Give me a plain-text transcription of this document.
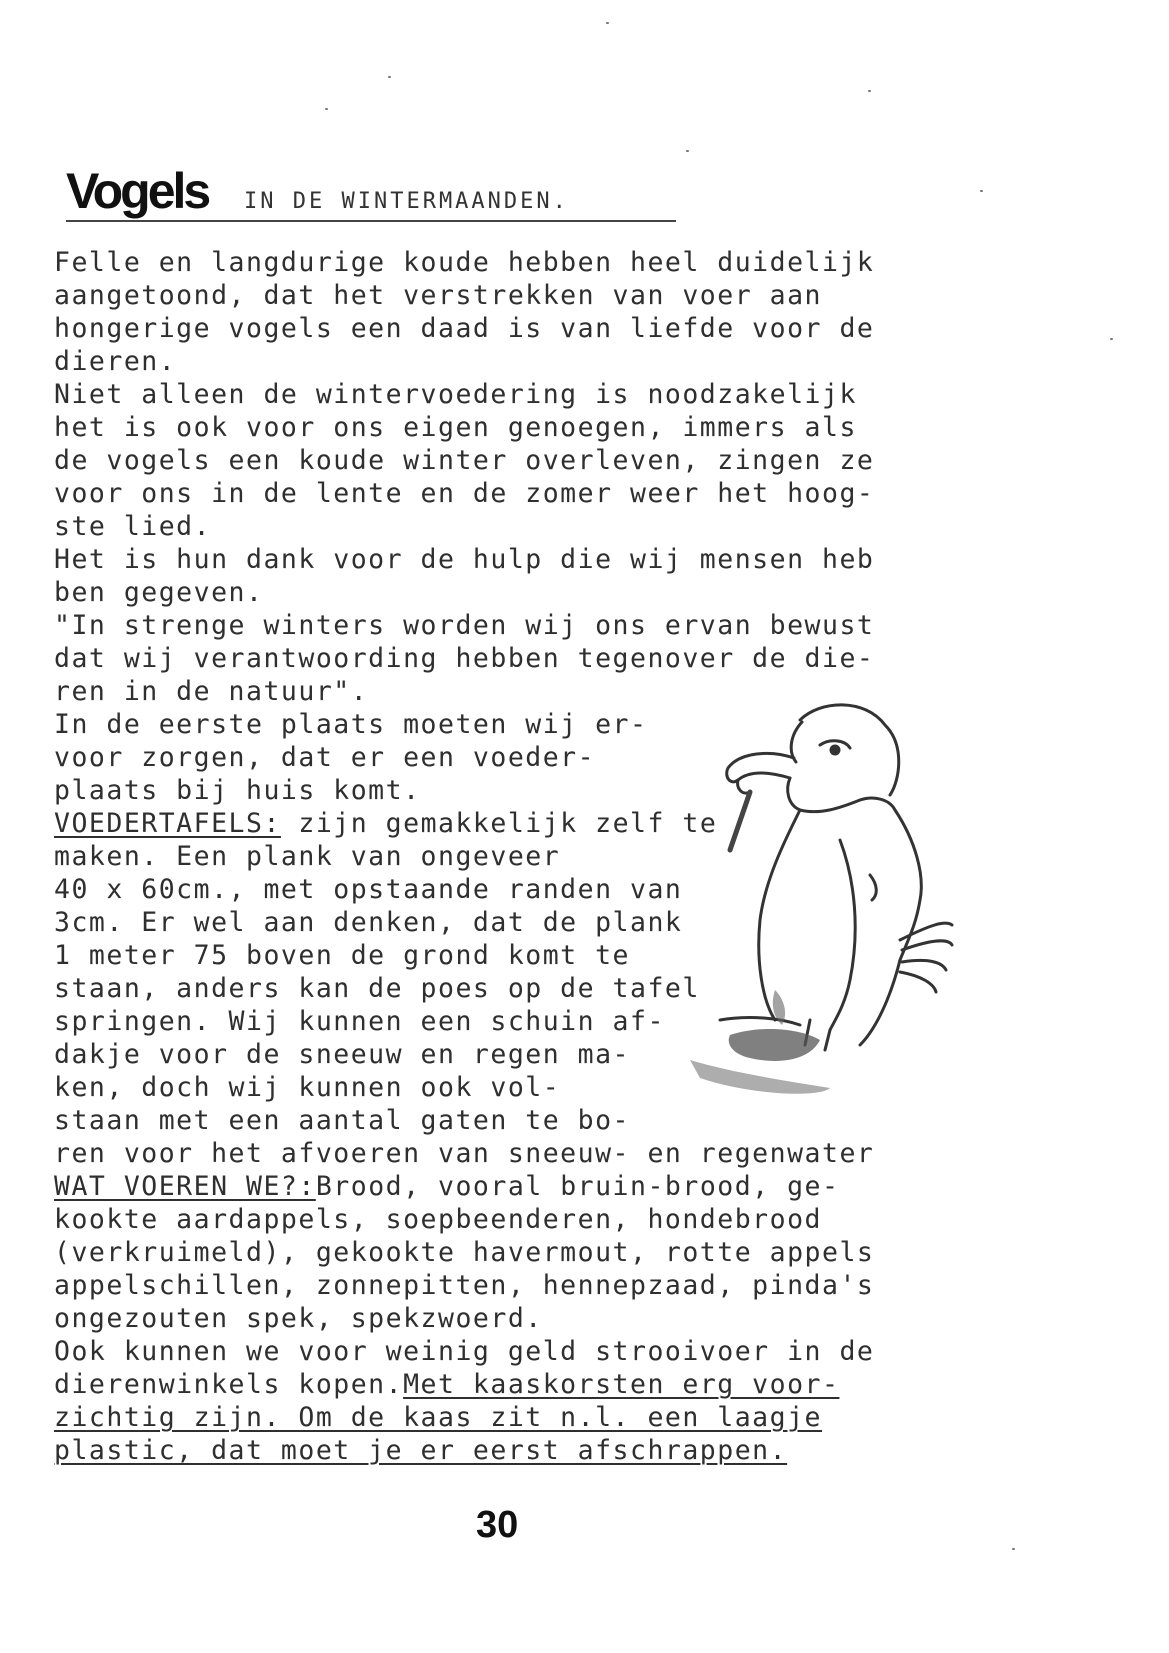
Vogels IN DE WINTERMAANDEN.
Felle en langdurige koude hebben heel duidelijk
aangetoond, dat het verstrekken van voer aan
hongerige vogels een daad is van liefde voor de
dieren.
Niet alleen de wintervoedering is noodzakelijk
het is ook voor ons eigen genoegen, immers als
de vogels een koude winter overleven, zingen ze
voor ons in de lente en de zomer weer het hoog-
ste lied.
Het is hun dank voor de hulp die wij mensen heb
ben gegeven.
"In strenge winters worden wij ons ervan bewust
dat wij verantwoording hebben tegenover de die-
ren in de natuur".
In de eerste plaats moeten wij er-
voor zorgen, dat er een voeder-
plaats bij huis komt.
VOEDERTAFELS: zijn gemakkelijk zelf te
maken. Een plank van ongeveer
40 x 60cm., met opstaande randen van
3cm. Er wel aan denken, dat de plank
1 meter 75 boven de grond komt te
staan, anders kan de poes op de tafel
springen. Wij kunnen een schuin af-
dakje voor de sneeuw en regen ma-
ken, doch wij kunnen ook vol-
staan met een aantal gaten te bo-
ren voor het afvoeren van sneeuw- en regenwater
WAT VOEREN WE?:Brood, vooral bruin-brood, ge-
kookte aardappels, soepbeenderen, hondebrood
(verkruimeld), gekookte havermout, rotte appels
appelschillen, zonnepitten, hennepzaad, pinda's
ongezouten spek, spekzwoerd.
Ook kunnen we voor weinig geld strooivoer in de
dierenwinkels kopen.Met kaaskorsten erg voor-
zichtig zijn. Om de kaas zit n.l. een laagje
plastic, dat moet je er eerst afschrappen.
30
